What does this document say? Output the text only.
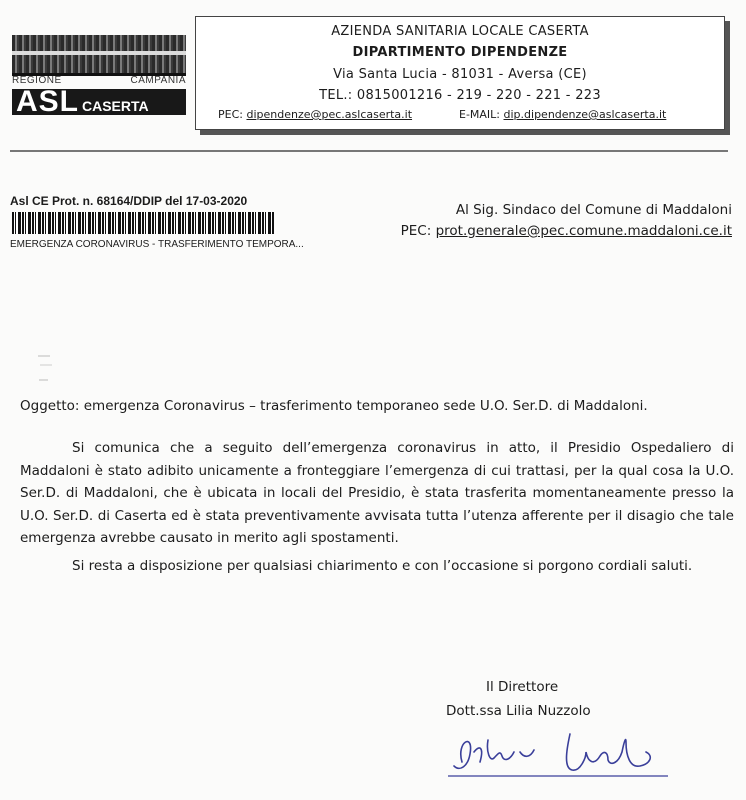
REGIONE	CAMPANIA
ASL CASERTA
AZIENDA SANITARIA LOCALE CASERTA
DIPARTIMENTO DIPENDENZE
Via Santa Lucia - 81031 - Aversa (CE)
TEL.: 0815001216 - 219 - 220 - 221 - 223
PEC: dipendenze@pec.aslcaserta.it	E-MAIL: dip.dipendenze@aslcaserta.it
Asl CE Prot. n. 68164/DDIP del 17-03-2020
EMERGENZA CORONAVIRUS - TRASFERIMENTO TEMPORA...
Al Sig. Sindaco del Comune di Maddaloni
PEC: prot.generale@pec.comune.maddaloni.ce.it
Oggetto: emergenza Coronavirus – trasferimento temporaneo sede U.O. Ser.D. di Maddaloni.
Si comunica che a seguito dell’emergenza coronavirus in atto, il Presidio Ospedaliero di Maddaloni è stato adibito unicamente a fronteggiare l’emergenza di cui trattasi, per la qual cosa la U.O. Ser.D. di Maddaloni, che è ubicata in locali del Presidio, è stata trasferita momentaneamente presso la U.O. Ser.D. di Caserta ed è stata preventivamente avvisata tutta l’utenza afferente per il disagio che tale emergenza avrebbe causato in merito agli spostamenti.
Si resta a disposizione per qualsiasi chiarimento e con l’occasione si porgono cordiali saluti.
Il Direttore
Dott.ssa Lilia Nuzzolo
